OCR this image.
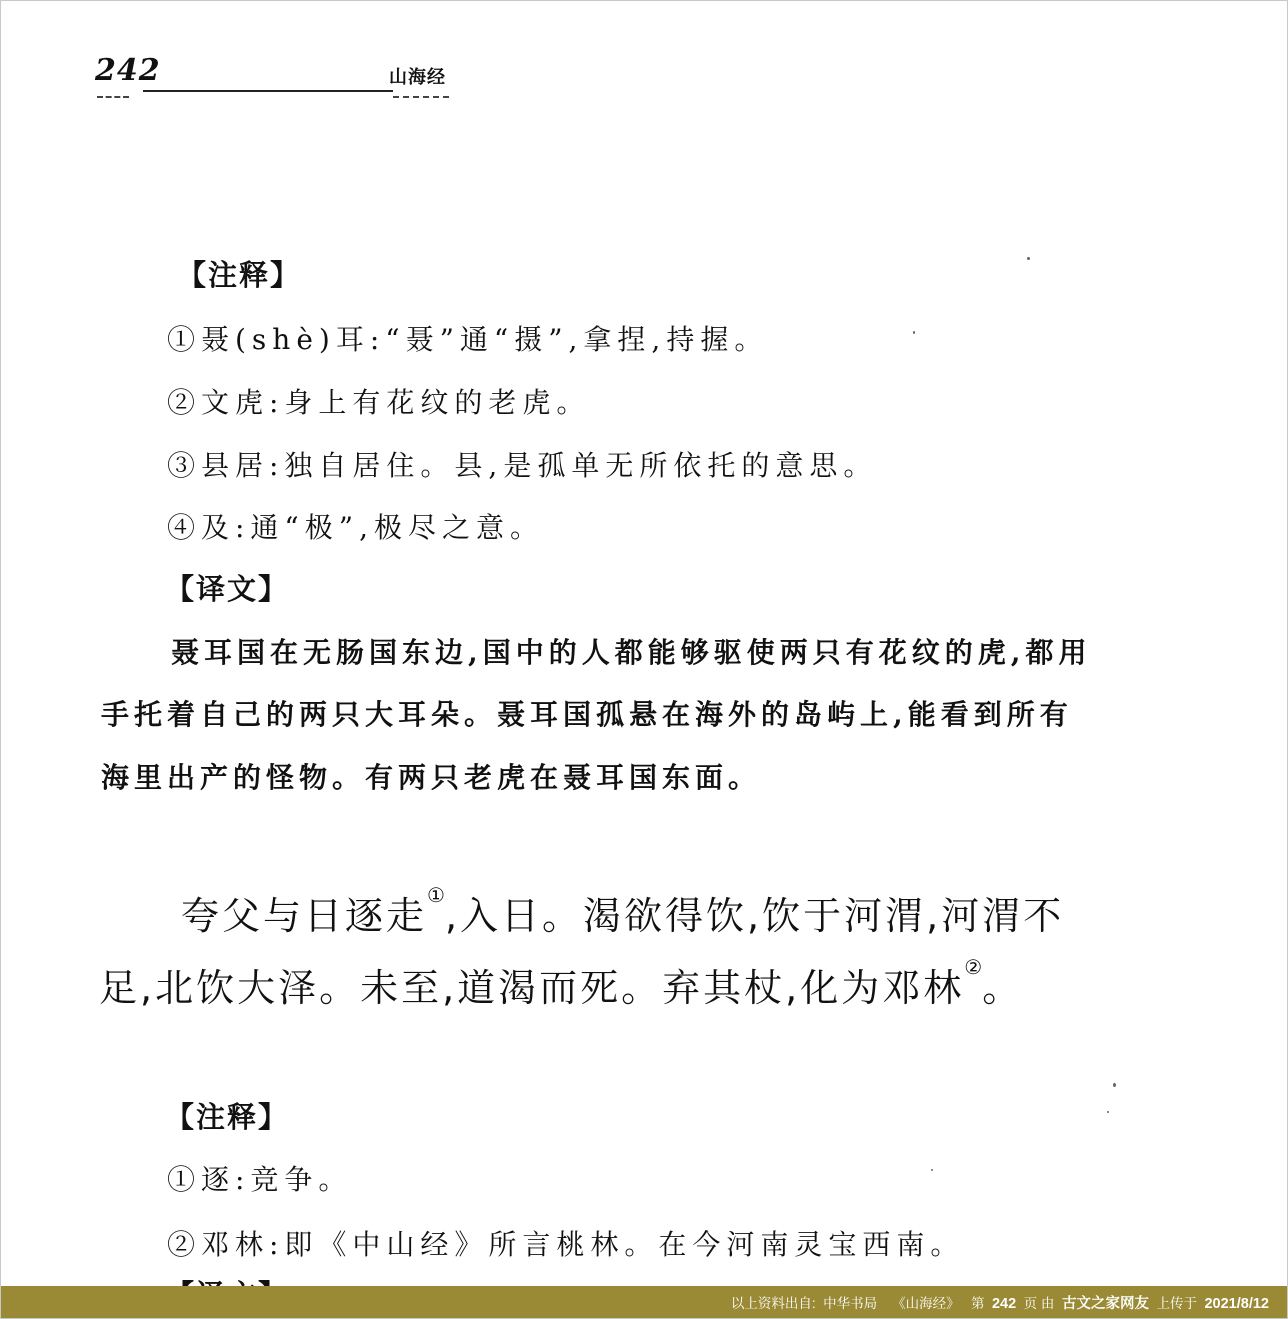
242	山海经
【注释】
①聂(shè)耳:“聂”通“摄”,拿捏,持握。
②文虎:身上有花纹的老虎。
③县居:独自居住。县,是孤单无所依托的意思。
④及:通“极”,极尽之意。
【译文】
聂耳国在无肠国东边,国中的人都能够驱使两只有花纹的虎,都用
手托着自己的两只大耳朵。聂耳国孤悬在海外的岛屿上,能看到所有
海里出产的怪物。有两只老虎在聂耳国东面。
夸父与日逐走①,入日。渴欲得饮,饮于河渭,河渭不
足,北饮大泽。未至,道渴而死。弃其杖,化为邓林②。
【注释】
①逐:竞争。
②邓林:即《中山经》所言桃林。在今河南灵宝西南。
以上资料出自: 中华书局 《山海经》 第 242 页 由 古文之家网友 上传于 2021/8/12
